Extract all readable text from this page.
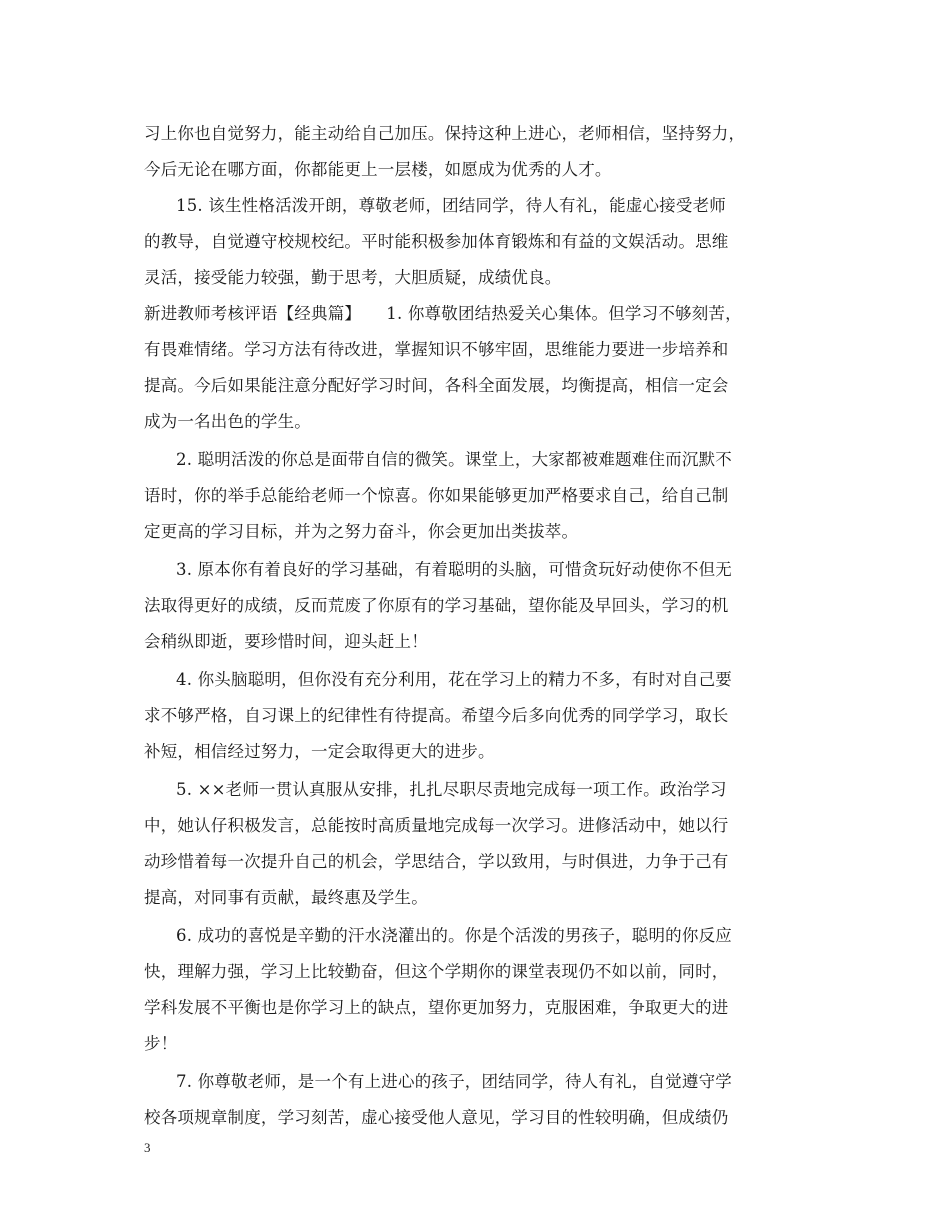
习上你也自觉努力，能主动给自己加压。保持这种上进心，老师相信，坚持努力，
今后无论在哪方面，你都能更上一层楼，如愿成为优秀的人才。
15. 该生性格活泼开朗，尊敬老师，团结同学，待人有礼，能虚心接受老师
的教导，自觉遵守校规校纪。平时能积极参加体育锻炼和有益的文娱活动。思维
灵活，接受能力较强，勤于思考，大胆质疑，成绩优良。
新进教师考核评语【经典篇】　　1. 你尊敬团结热爱关心集体。但学习不够刻苦，
有畏难情绪。学习方法有待改进，掌握知识不够牢固，思维能力要进一步培养和
提高。今后如果能注意分配好学习时间，各科全面发展，均衡提高，相信一定会
成为一名出色的学生。
2. 聪明活泼的你总是面带自信的微笑。课堂上，大家都被难题难住而沉默不
语时，你的举手总能给老师一个惊喜。你如果能够更加严格要求自己，给自己制
定更高的学习目标，并为之努力奋斗，你会更加出类拔萃。
3. 原本你有着良好的学习基础，有着聪明的头脑，可惜贪玩好动使你不但无
法取得更好的成绩，反而荒废了你原有的学习基础，望你能及早回头，学习的机
会稍纵即逝，要珍惜时间，迎头赶上！
4. 你头脑聪明，但你没有充分利用，花在学习上的精力不多，有时对自己要
求不够严格，自习课上的纪律性有待提高。希望今后多向优秀的同学学习，取长
补短，相信经过努力，一定会取得更大的进步。
5. ××老师一贯认真服从安排，扎扎尽职尽责地完成每一项工作。政治学习
中，她认仔积极发言，总能按时高质量地完成每一次学习。进修活动中，她以行
动珍惜着每一次提升自己的机会，学思结合，学以致用，与时俱进，力争于己有
提高，对同事有贡献，最终惠及学生。
6. 成功的喜悦是辛勤的汗水浇灌出的。你是个活泼的男孩子，聪明的你反应
快，理解力强，学习上比较勤奋，但这个学期你的课堂表现仍不如以前，同时，
学科发展不平衡也是你学习上的缺点，望你更加努力，克服困难，争取更大的进
步！
7. 你尊敬老师，是一个有上进心的孩子，团结同学，待人有礼，自觉遵守学
校各项规章制度，学习刻苦，虚心接受他人意见，学习目的性较明确，但成绩仍
3
